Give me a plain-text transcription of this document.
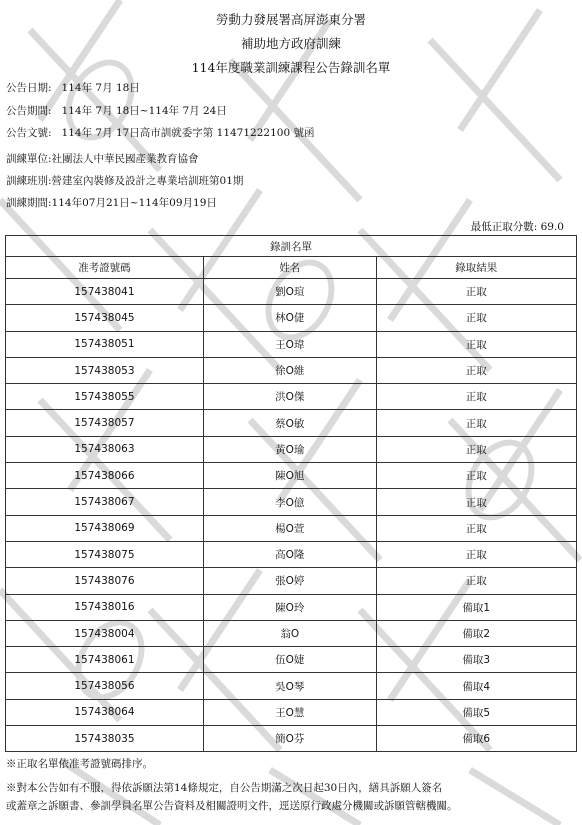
勞動力發展署高屏澎東分署
補助地方政府訓練
114年度職業訓練課程公告錄訓名單
公告日期: 114年 7月 18日
公告期間: 114年 7月 18日~114年 7月 24日
公告文號: 114年 7月 17日高市訓就委字第 11471222100 號函
訓練單位:社團法人中華民國產業教育協會
訓練班別:營建室內裝修及設計之專業培訓班第01期
訓練期間:114年07月21日~114年09月19日
最低正取分數: 69.0
錄訓名單		
准考證號碼	姓名	錄取結果
157438041	劉O瑄	正取
157438045	林O倢	正取
157438051	王O瑋	正取
157438053	徐O維	正取
157438055	洪O傑	正取
157438057	蔡O敏	正取
157438063	黃O瑜	正取
157438066	陳O旭	正取
157438067	李O億	正取
157438069	楊O萱	正取
157438075	高O隆	正取
157438076	張O婷	正取
157438016	陳O玲	備取1
157438004	翁O	備取2
157438061	伍O婕	備取3
157438056	吳O琴	備取4
157438064	王O慧	備取5
157438035	簡O芬	備取6
※正取名單依准考證號碼排序。
※對本公告如有不服，得依訴願法第14條規定，自公告期滿之次日起30日內，繕具訴願人簽名
或蓋章之訴願書、參訓學員名單公告資料及相關證明文件，逕送原行政處分機關或訴願管轄機關。
